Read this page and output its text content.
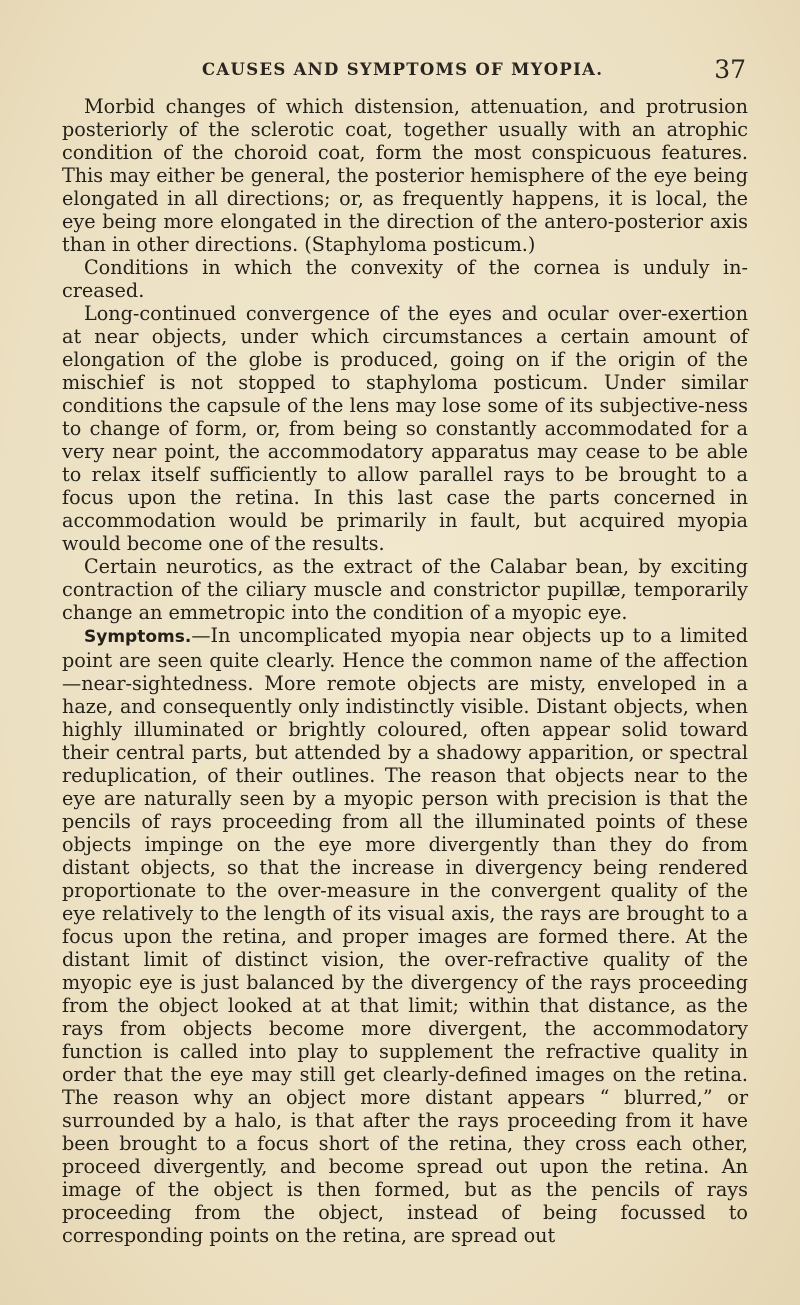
CAUSES AND SYMPTOMS OF MYOPIA.	37

Morbid changes of which distension, attenuation, and protrusion posteriorly of the sclerotic coat, together usually with an atrophic condition of the choroid coat, form the most conspicuous features. This may either be general, the posterior hemisphere of the eye being elongated in all directions; or, as frequently happens, it is local, the eye being more elongated in the direction of the antero-posterior axis than in other directions. (Staphyloma posticum.)

Conditions in which the convexity of the cornea is unduly in-creased.

Long-continued convergence of the eyes and ocular over-exertion at near objects, under which circumstances a certain amount of elongation of the globe is produced, going on if the origin of the mischief is not stopped to staphyloma posticum. Under similar conditions the capsule of the lens may lose some of its subjective-ness to change of form, or, from being so constantly accommodated for a very near point, the accommodatory apparatus may cease to be able to relax itself sufficiently to allow parallel rays to be brought to a focus upon the retina. In this last case the parts concerned in accommodation would be primarily in fault, but acquired myopia would become one of the results.

Certain neurotics, as the extract of the Calabar bean, by exciting contraction of the ciliary muscle and constrictor pupillæ, temporarily change an emmetropic into the condition of a myopic eye.

Symptoms.—In uncomplicated myopia near objects up to a limited point are seen quite clearly. Hence the common name of the affection—near-sightedness. More remote objects are misty, enveloped in a haze, and consequently only indistinctly visible. Distant objects, when highly illuminated or brightly coloured, often appear solid toward their central parts, but attended by a shadowy apparition, or spectral reduplication, of their outlines. The reason that objects near to the eye are naturally seen by a myopic person with precision is that the pencils of rays proceeding from all the illuminated points of these objects impinge on the eye more divergently than they do from distant objects, so that the increase in divergency being rendered proportionate to the over-measure in the convergent quality of the eye relatively to the length of its visual axis, the rays are brought to a focus upon the retina, and proper images are formed there. At the distant limit of distinct vision, the over-refractive quality of the myopic eye is just balanced by the divergency of the rays proceeding from the object looked at at that limit; within that distance, as the rays from objects become more divergent, the accommodatory function is called into play to supplement the refractive quality in order that the eye may still get clearly-defined images on the retina. The reason why an object more distant appears “ blurred,” or surrounded by a halo, is that after the rays proceeding from it have been brought to a focus short of the retina, they cross each other, proceed divergently, and become spread out upon the retina. An image of the object is then formed, but as the pencils of rays proceeding from the object, instead of being focussed to corresponding points on the retina, are spread out
